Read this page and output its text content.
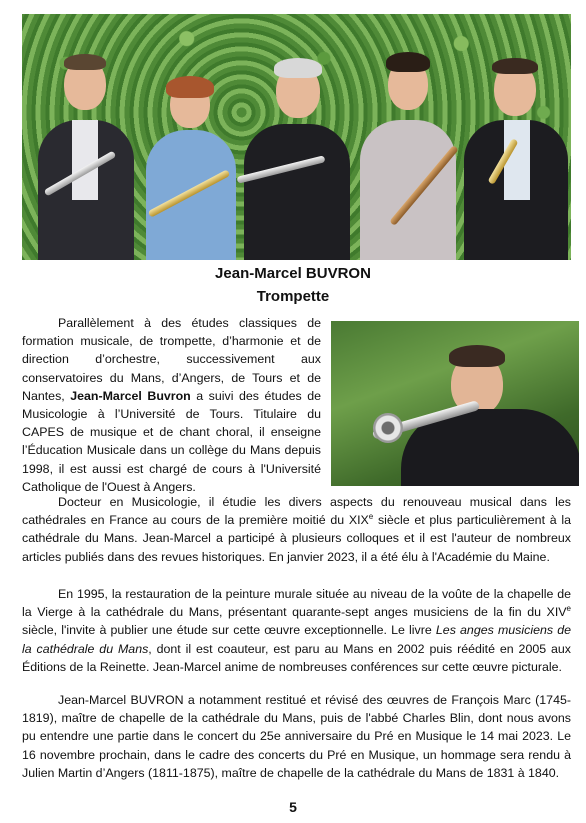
Jean-Marcel BUVRON
Trompette

Parallèlement à des études classiques de formation musicale, de trompette, d’harmonie et de direction d’orchestre, successivement aux conservatoires du Mans, d’Angers, de Tours et de Nantes, Jean-Marcel Buvron a suivi des études de Musicologie à l’Université de Tours. Titulaire du CAPES de musique et de chant choral, il enseigne l’Éducation Musicale dans un collège du Mans depuis 1998, il est aussi est chargé de cours à l'Université Catholique de l'Ouest à Angers.

Docteur en Musicologie, il étudie les divers aspects du renouveau musical dans les cathédrales en France au cours de la première moitié du XIXe siècle et plus particulièrement à la cathédrale du Mans. Jean-Marcel a participé à plusieurs colloques et il est l'auteur de nombreux articles publiés dans des revues historiques. En janvier 2023, il a été élu à l'Académie du Maine.

En 1995, la restauration de la peinture murale située au niveau de la voûte de la chapelle de la Vierge à la cathédrale du Mans, présentant quarante-sept anges musiciens de la fin du XIVe siècle, l'invite à publier une étude sur cette œuvre exceptionnelle. Le livre Les anges musiciens de la cathédrale du Mans, dont il est coauteur, est paru au Mans en 2002 puis réédité en 2005 aux Éditions de la Reinette. Jean-Marcel anime de nombreuses conférences sur cette œuvre picturale.

Jean-Marcel BUVRON a notamment restitué et révisé des œuvres de François Marc (1745-1819), maître de chapelle de la cathédrale du Mans, puis de l'abbé Charles Blin, dont nous avons pu entendre une partie dans le concert du 25e anniversaire du Pré en Musique le 14 mai 2023. Le 16 novembre prochain, dans le cadre des concerts du Pré en Musique, un hommage sera rendu à Julien Martin d’Angers (1811-1875), maître de chapelle de la cathédrale du Mans de 1831 à 1840.

5
